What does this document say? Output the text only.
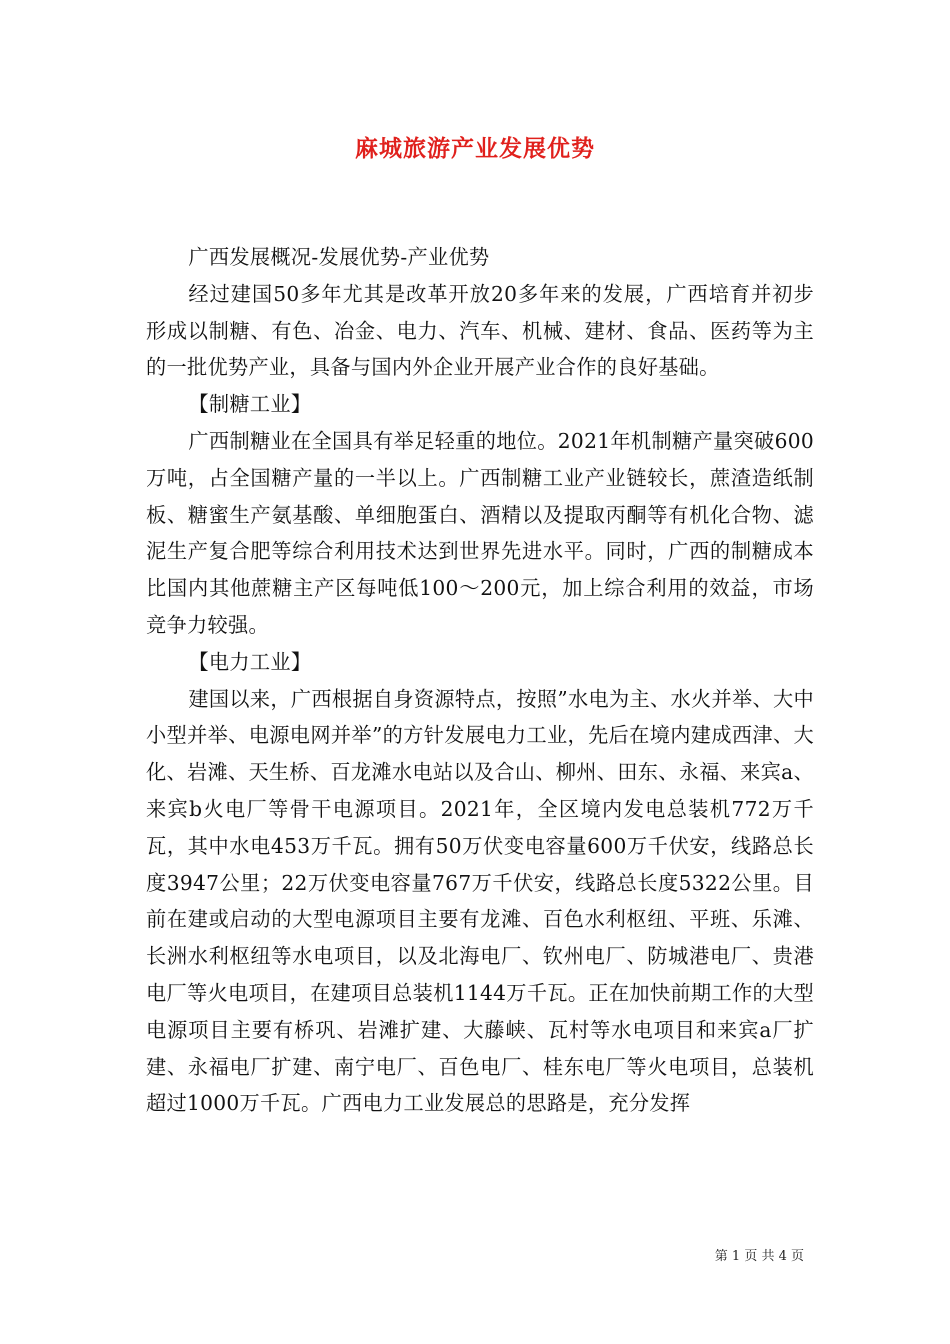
麻城旅游产业发展优势

广西发展概况-发展优势-产业优势

经过建国50多年尤其是改革开放20多年来的发展，广西培育并初步形成以制糖、有色、冶金、电力、汽车、机械、建材、食品、医药等为主的一批优势产业，具备与国内外企业开展产业合作的良好基础。

【制糖工业】

广西制糖业在全国具有举足轻重的地位。2021年机制糖产量突破600万吨，占全国糖产量的一半以上。广西制糖工业产业链较长，蔗渣造纸制板、糖蜜生产氨基酸、单细胞蛋白、酒精以及提取丙酮等有机化合物、滤泥生产复合肥等综合利用技术达到世界先进水平。同时，广西的制糖成本比国内其他蔗糖主产区每吨低100～200元，加上综合利用的效益，市场竞争力较强。

【电力工业】

建国以来，广西根据自身资源特点，按照”水电为主、水火并举、大中小型并举、电源电网并举”的方针发展电力工业，先后在境内建成西津、大化、岩滩、天生桥、百龙滩水电站以及合山、柳州、田东、永福、来宾a、来宾b火电厂等骨干电源项目。2021年，全区境内发电总装机772万千瓦，其中水电453万千瓦。拥有50万伏变电容量600万千伏安，线路总长度3947公里；22万伏变电容量767万千伏安，线路总长度5322公里。目前在建或启动的大型电源项目主要有龙滩、百色水利枢纽、平班、乐滩、长洲水利枢纽等水电项目，以及北海电厂、钦州电厂、防城港电厂、贵港电厂等火电项目，在建项目总装机1144万千瓦。正在加快前期工作的大型电源项目主要有桥巩、岩滩扩建、大藤峡、瓦村等水电项目和来宾a厂扩建、永福电厂扩建、南宁电厂、百色电厂、桂东电厂等火电项目，总装机超过1000万千瓦。广西电力工业发展总的思路是，充分发挥

第 1 页 共 4 页
